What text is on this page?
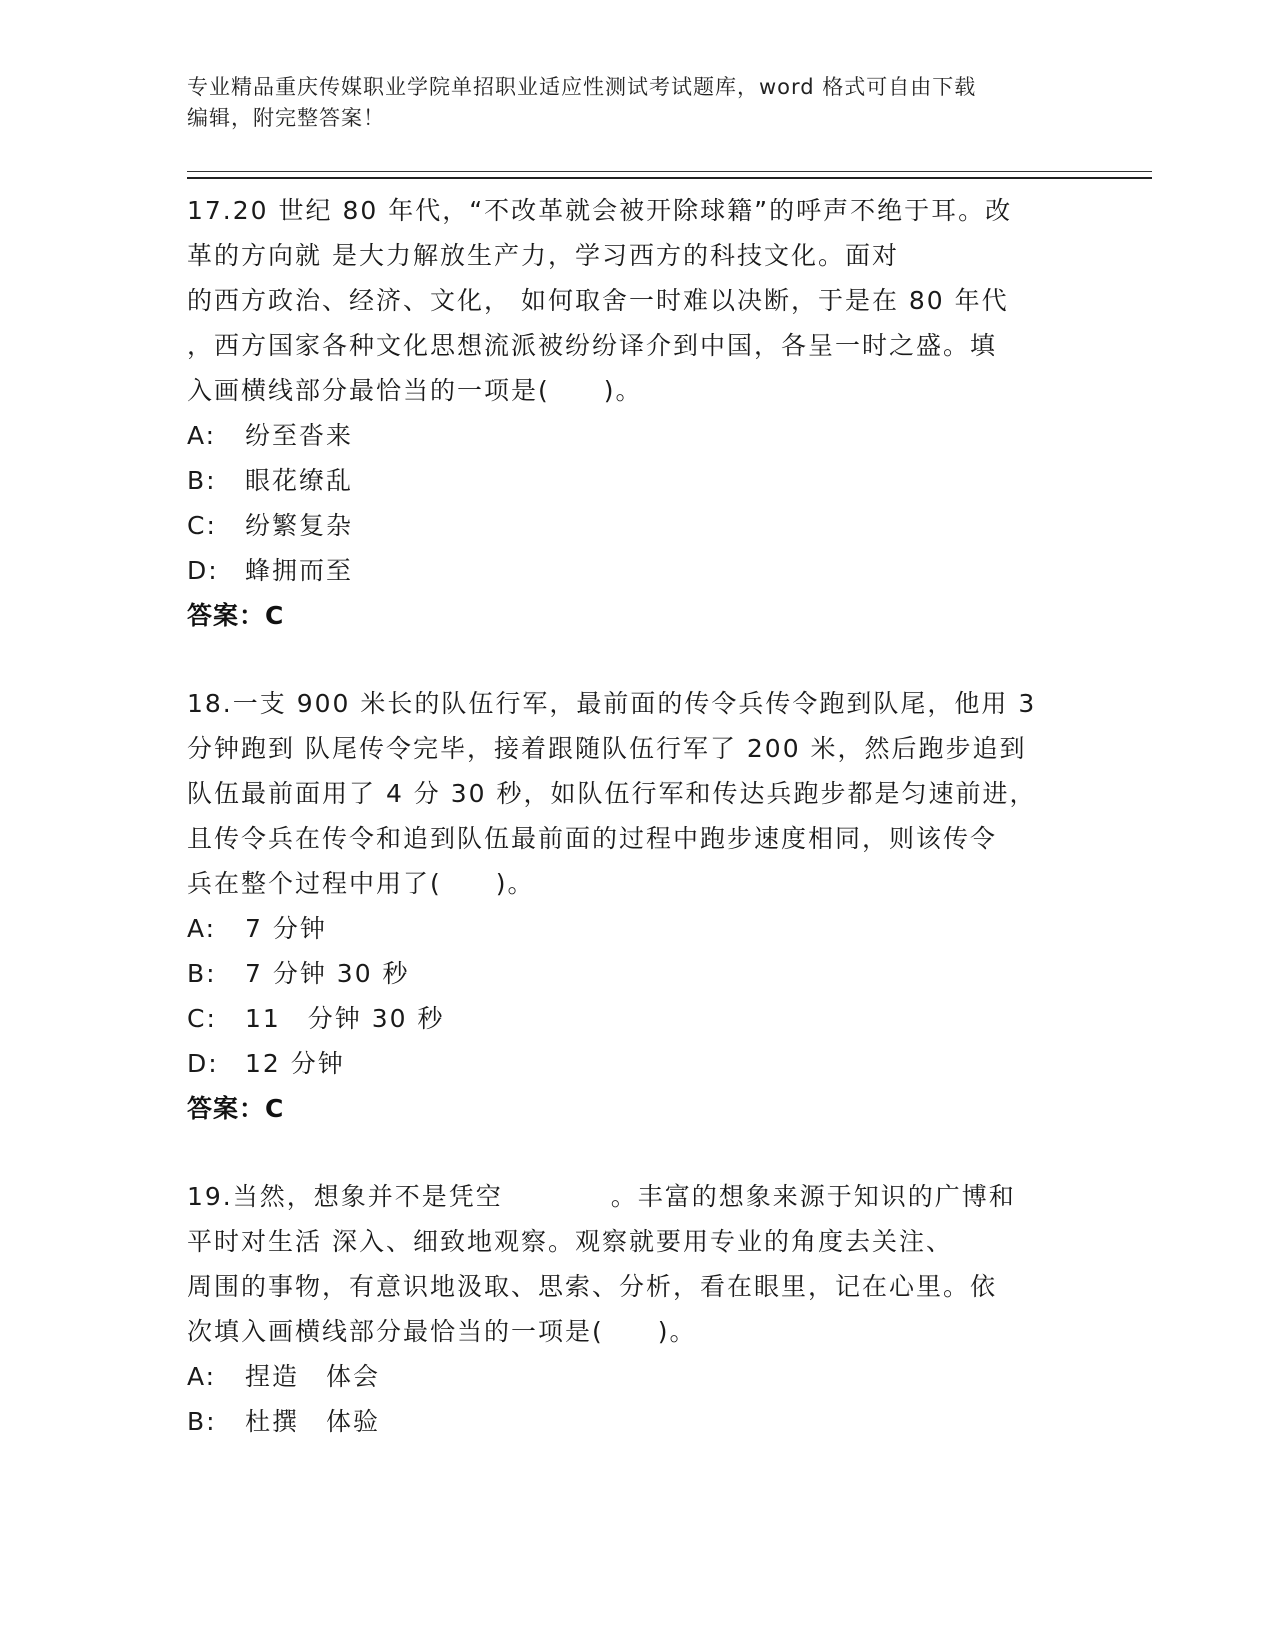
专业精品重庆传媒职业学院单招职业适应性测试考试题库，word 格式可自由下载
编辑，附完整答案！
17.20 世纪 80 年代，“不改革就会被开除球籍”的呼声不绝于耳。改
革的方向就 是大力解放生产力，学习西方的科技文化。面对
的西方政治、经济、文化， 如何取舍一时难以决断，于是在 80 年代
，西方国家各种文化思想流派被纷纷译介到中国，各呈一时之盛。填
入画横线部分最恰当的一项是(　　)。
A:	纷至沓来
B:	眼花缭乱
C:	纷繁复杂
D:	蜂拥而至
答案：C
18.一支 900 米长的队伍行军，最前面的传令兵传令跑到队尾，他用 3
分钟跑到 队尾传令完毕，接着跟随队伍行军了 200 米，然后跑步追到
队伍最前面用了 4 分 30 秒，如队伍行军和传达兵跑步都是匀速前进，
且传令兵在传令和追到队伍最前面的过程中跑步速度相同，则该传令
兵在整个过程中用了(　　)。
A:	7 分钟
B:	7 分钟 30 秒
C:	11　分钟 30 秒
D:	12 分钟
答案：C
19.当然，想象并不是凭空　　　　。丰富的想象来源于知识的广博和
平时对生活 深入、细致地观察。观察就要用专业的角度去关注、
周围的事物，有意识地汲取、思索、分析，看在眼里，记在心里。依
次填入画横线部分最恰当的一项是(　　)。
A:	捏造　体会
B:	杜撰　体验
